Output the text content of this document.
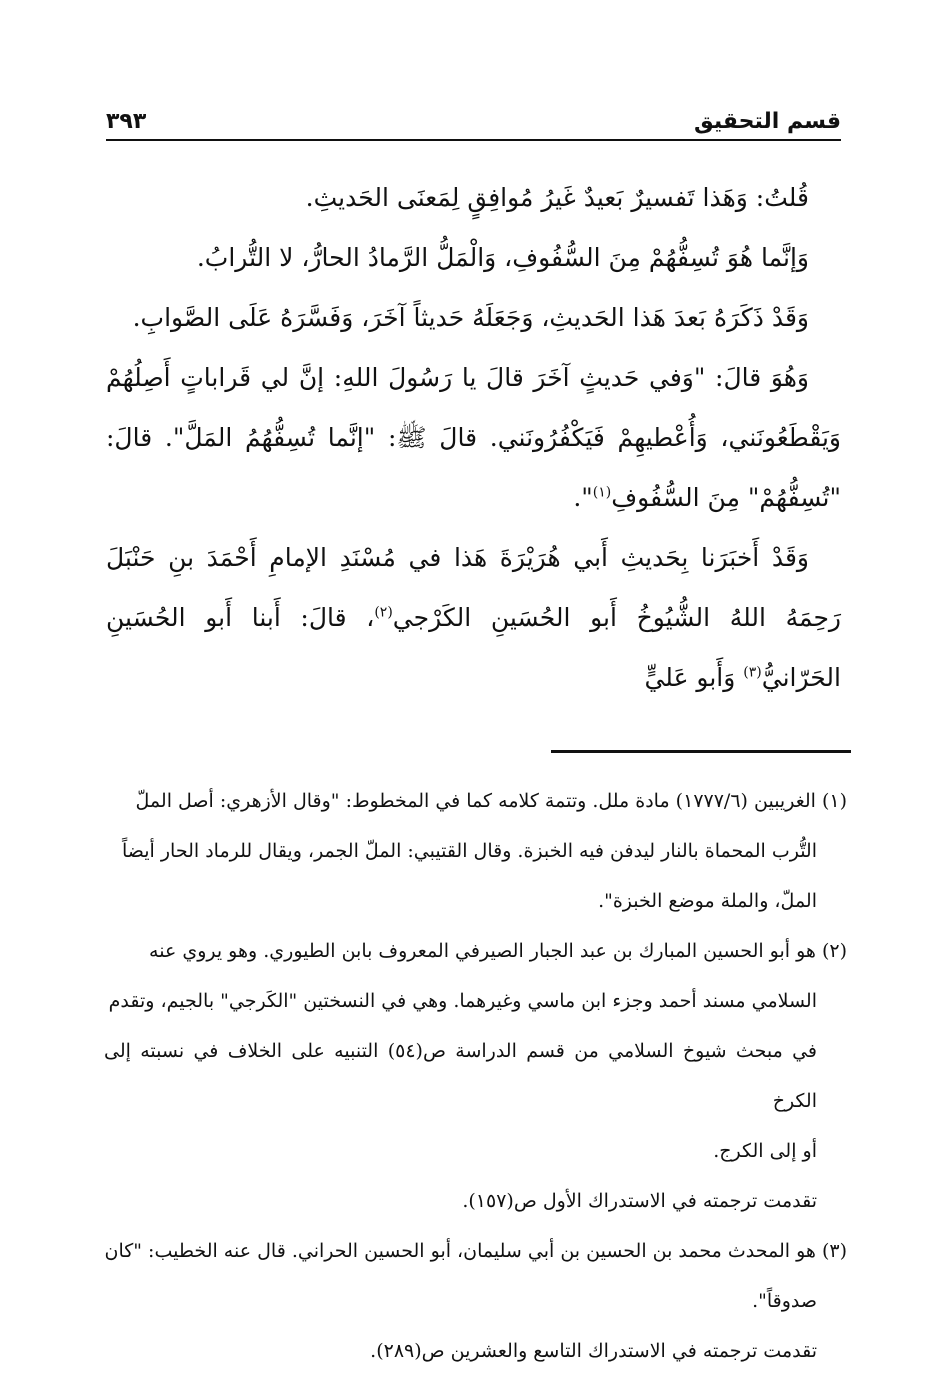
قسم التحقيق
٣٩٣

قُلتُ: وَهَذا تَفسيرٌ بَعيدٌ غَيرُ مُوافِقٍ لِمَعنَى الحَديثِ.

وَإنَّما هُوَ تُسِفُّهُمْ مِنَ السُّفُوفِ، وَالْمَلُّ الرَّمادُ الحارُّ، لا التُّرابُ.

وَقَدْ ذَكَرَهُ بَعدَ هَذا الحَديثِ، وَجَعَلَهُ حَديثاً آخَرَ، وَفَسَّرَهُ عَلَى الصَّوابِ.

وَهُوَ قالَ: "وَفي حَديثٍ آخَرَ قالَ يا رَسُولَ اللهِ: إنَّ لي قَراباتٍ أَصِلُهُمْ وَيَقْطَعُونَني، وَأُعْطيهِمْ فَيَكْفُرُونَني. قالَ ﷺ: "إنَّما تُسِفُّهُمُ المَلَّ". قالَ: "تُسِفُّهُمْ" مِنَ السُّفُوفِ$^{(١)}$".

وَقَدْ أَخبَرَنا بِحَديثِ أَبي هُرَيْرَةَ هَذا في مُسْنَدِ الإمامِ أَحْمَدَ بنِ حَنْبَلَ رَحِمَهُ اللهُ الشُّيُوخُ أَبو الحُسَينِ الكَرْجي$^{(٢)}$، قالَ: أَبنا أَبو الحُسَينِ الحَرّانيُّ$^{(٣)}$ وَأَبو عَليٍّ

(١)الغريبين (١٧٧٧/٦) مادة ملل. وتتمة كلامه كما في المخطوط: "وقال الأزهري: أصل الملّ

التُّرب المحماة بالنار ليدفن فيه الخبزة. وقال القتيبي: الملّ الجمر، ويقال للرماد الحار أيضاً

الملّ، والملة موضع الخبزة".

(٢)هو أبو الحسين المبارك بن عبد الجبار الصيرفي المعروف بابن الطيوري. وهو يروي عنه

السلامي مسند أحمد وجزء ابن ماسي وغيرهما. وهي في النسختين "الكَرجي" بالجيم، وتقدم

في مبحث شيوخ السلامي من قسم الدراسة ص(٥٤) التنبيه على الخلاف في نسبته إلى الكرخ

أو إلى الكرج.

تقدمت ترجمته في الاستدراك الأول ص(١٥٧).

(٣)هو المحدث محمد بن الحسين بن أبي سليمان، أبو الحسين الحراني. قال عنه الخطيب: "كان

صدوقاً".

تقدمت ترجمته في الاستدراك التاسع والعشرين ص(٢٨٩).
